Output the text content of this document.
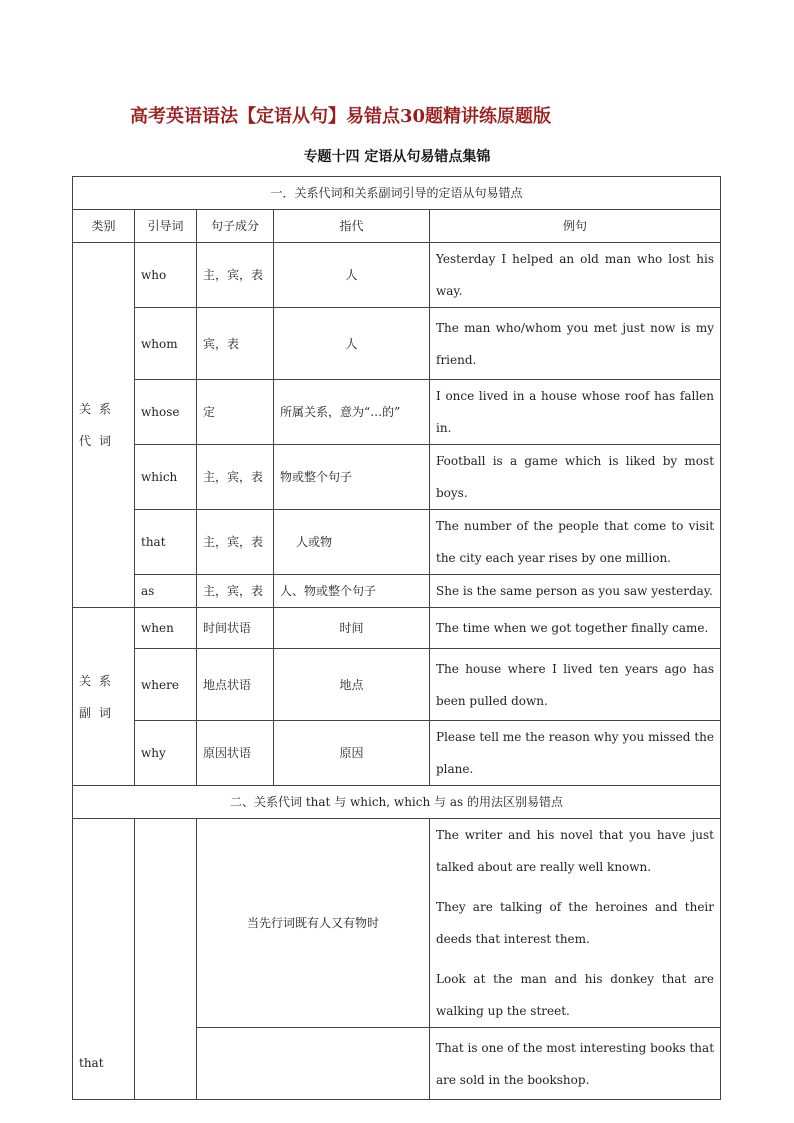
高考英语语法【定语从句】易错点30题精讲练原题版
专题十四 定语从句易错点集锦
一．关系代词和关系副词引导的定语从句易错点				
类别	引导词	句子成分	指代	例句
关系代词	who	主，宾，表	人	Yesterday I helped an old man who lost his way.
	whom	宾，表	人	The man who/whom you met just now is my friend.
	whose	定	所属关系，意为“…的”	I once lived in a house whose roof has fallen in.
	which	主，宾，表	物或整个句子	Football is a game which is liked by most boys.
	that	主，宾，表	人或物	The number of the people that come to visit the city each year rises by one million.
	as	主，宾，表	人、物或整个句子	She is the same person as you saw yesterday.
关系副词	when	时间状语	时间	The time when we got together finally came.
	where	地点状语	地点	The house where I lived ten years ago has been pulled down.
	why	原因状语	原因	Please tell me the reason why you missed the plane.
二、关系代词 that 与 which, which 与 as 的用法区别易错点				
that		当先行词既有人又有物时		The writer and his novel that you have just talked about are really well known.

They are talking of the heroines and their deeds that interest them.

Look at the man and his donkey that are walking up the street.

				That is one of the most interesting books that are sold in the bookshop.
